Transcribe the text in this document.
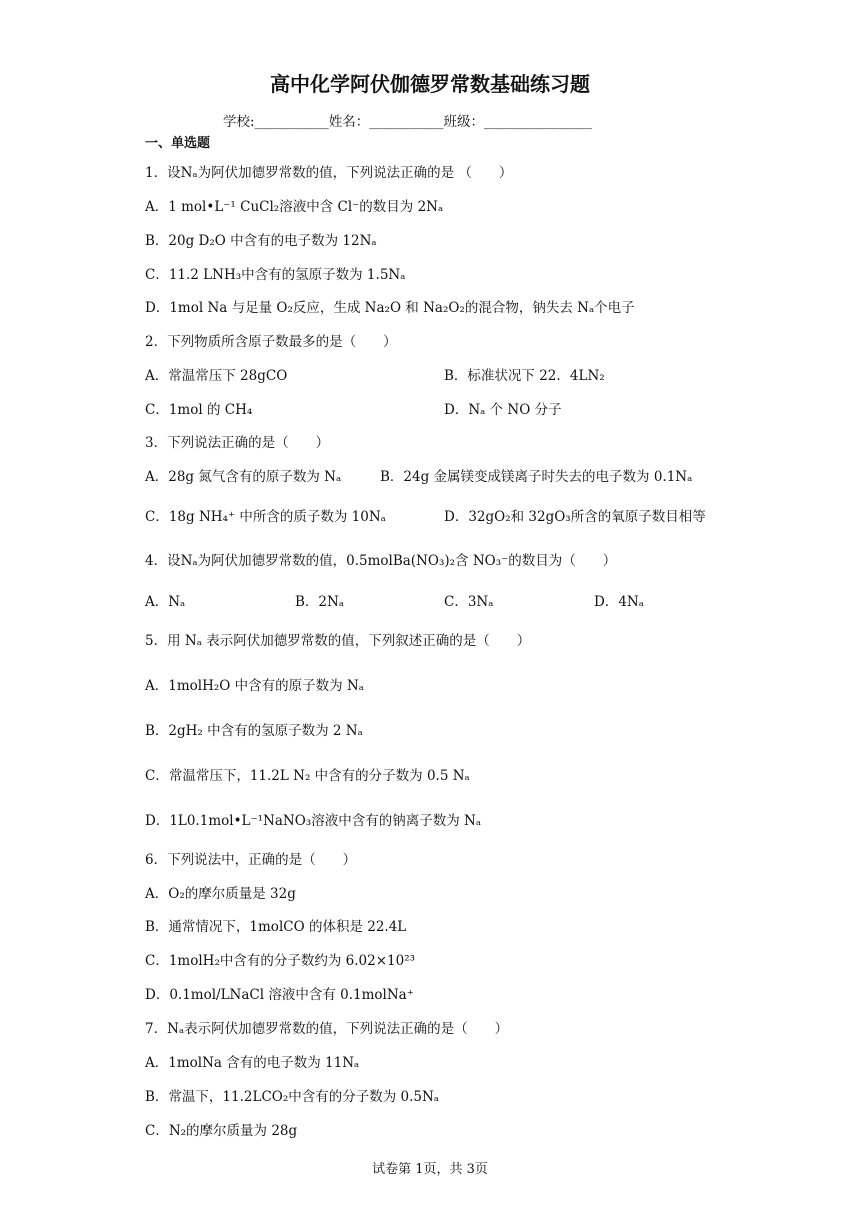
高中化学阿伏伽德罗常数基础练习题
学校:___________姓名：___________班级：________________
一、单选题
1．设Nₐ为阿伏加德罗常数的值，下列说法正确的是 （　　）
A．1 mol•L⁻¹ CuCl₂溶液中含 Cl⁻的数目为 2Nₐ
B．20g D₂O 中含有的电子数为 12Nₐ
C．11.2 LNH₃中含有的氢原子数为 1.5Nₐ
D．1mol Na 与足量 O₂反应，生成 Na₂O 和 Na₂O₂的混合物，钠失去 Nₐ个电子
2．下列物质所含原子数最多的是（　　）
A．常温常压下 28gCO	B．标准状况下 22．4LN₂
C．1mol 的 CH₄	D．Nₐ 个 NO 分子
3．下列说法正确的是（　　）
A．28g 氮气含有的原子数为 Nₐ	B．24g 金属镁变成镁离子时失去的电子数为 0.1Nₐ
C．18g NH₄⁺ 中所含的质子数为 10Nₐ	D．32gO₂和 32gO₃所含的氧原子数目相等
4．设Nₐ为阿伏加德罗常数的值，0.5molBa(NO₃)₂含 NO₃⁻的数目为（　　）
A．Nₐ	B．2Nₐ	C．3Nₐ	D．4Nₐ
5．用 Nₐ 表示阿伏加德罗常数的值，下列叙述正确的是（　　）
A．1molH₂O 中含有的原子数为 Nₐ
B．2gH₂ 中含有的氢原子数为 2 Nₐ
C．常温常压下，11.2L N₂ 中含有的分子数为 0.5 Nₐ
D．1L0.1mol•L⁻¹NaNO₃溶液中含有的钠离子数为 Nₐ
6．下列说法中，正确的是（　　）
A．O₂的摩尔质量是 32g
B．通常情况下，1molCO 的体积是 22.4L
C．1molH₂中含有的分子数约为 6.02×10²³
D．0.1mol/LNaCl 溶液中含有 0.1molNa⁺
7．Nₐ表示阿伏加德罗常数的值，下列说法正确的是（　　）
A．1molNa 含有的电子数为 11Nₐ
B．常温下，11.2LCO₂中含有的分子数为 0.5Nₐ
C．N₂的摩尔质量为 28g
试卷第 1页，共 3页
